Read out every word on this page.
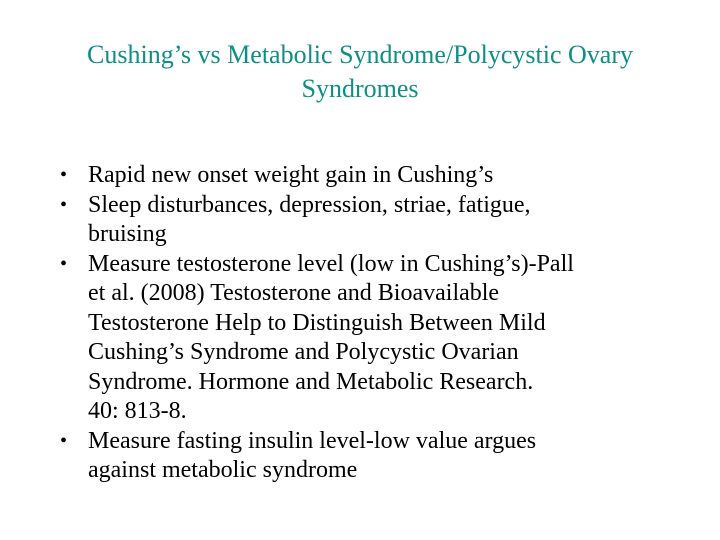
Cushing’s vs Metabolic Syndrome/Polycystic Ovary
Syndromes
• Rapid new onset weight gain in Cushing’s
• Sleep disturbances, depression, striae, fatigue,
bruising
• Measure testosterone level (low in Cushing’s)-Pall
et al. (2008) Testosterone and Bioavailable
Testosterone Help to Distinguish Between Mild
Cushing’s Syndrome and Polycystic Ovarian
Syndrome. Hormone and Metabolic Research.
40: 813-8.
• Measure fasting insulin level-low value argues
against metabolic syndrome
